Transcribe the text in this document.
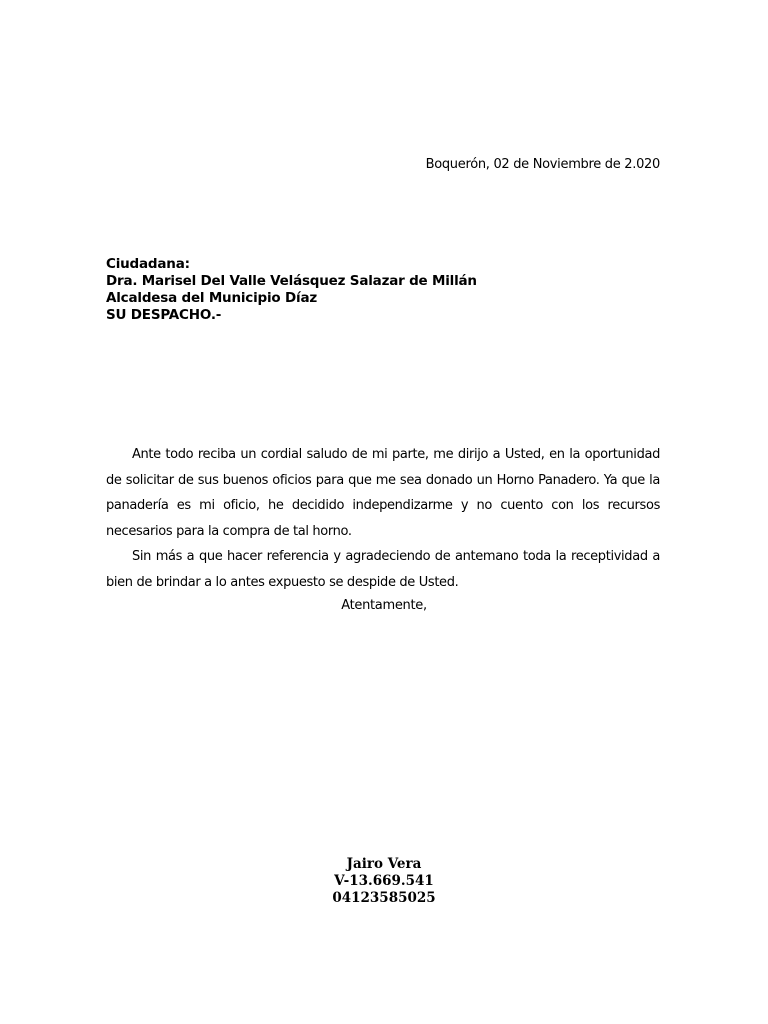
Boquerón, 02 de Noviembre de 2.020
Ciudadana:
Dra. Marisel Del Valle Velásquez Salazar de Millán
Alcaldesa del Municipio Díaz
SU DESPACHO.-

Ante todo reciba un cordial saludo de mi parte, me dirijo a Usted, en la oportunidad de solicitar de sus buenos oficios para que me sea donado un Horno Panadero. Ya que la panadería es mi oficio, he decidido independizarme y no cuento con los recursos necesarios para la compra de tal horno.

Sin más a que hacer referencia y agradeciendo de antemano toda la receptividad a bien de brindar a lo antes expuesto se despide de Usted.

Atentamente,
Jairo Vera
V-13.669.541
04123585025
